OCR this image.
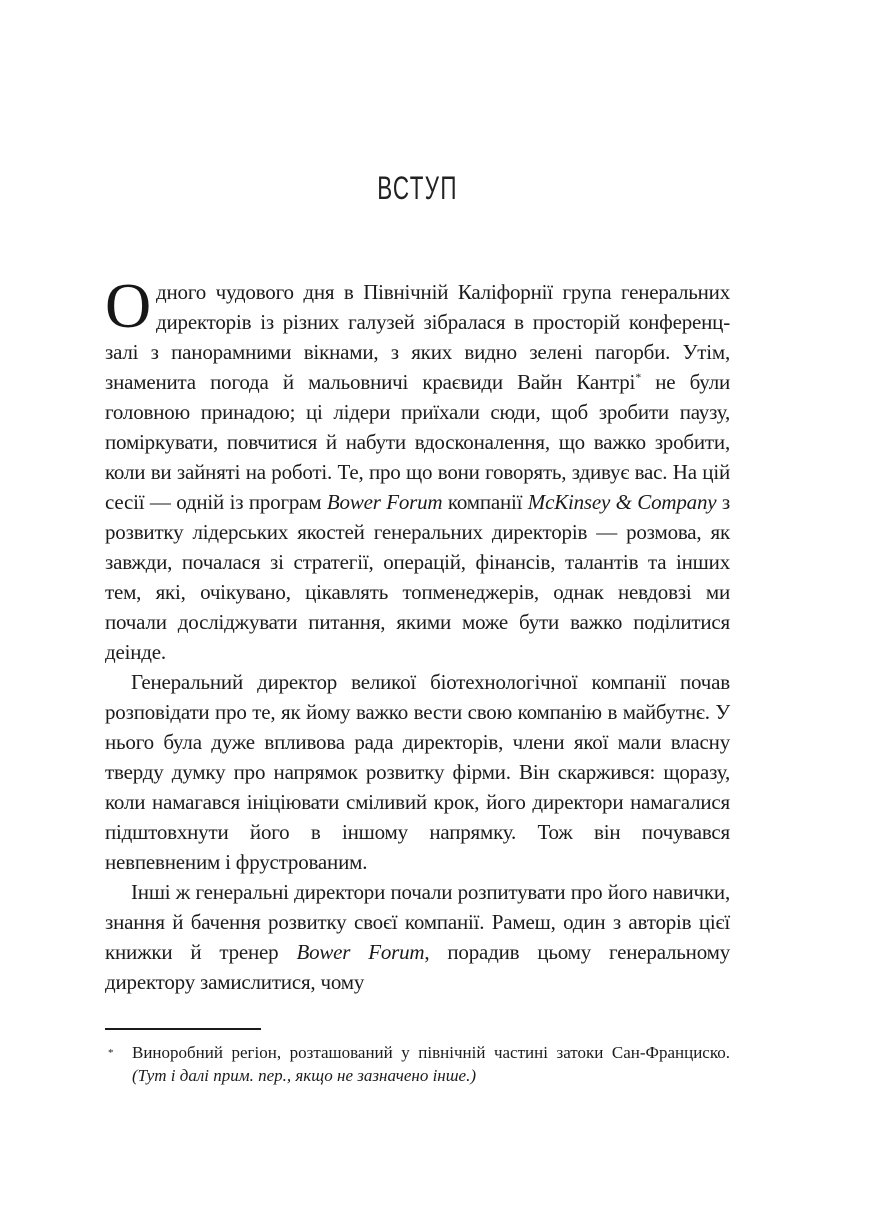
ВСТУП

Одного чудового дня в Північній Каліфорнії група генеральних директорів із різних галузей зібралася в просторій конференц-залі з панорамними вікнами, з яких видно зелені пагорби. Утім, знаменита погода й мальовничі краєвиди Вайн Кантрі* не були головною принадою; ці лідери приїхали сюди, щоб зробити паузу, поміркувати, повчитися й набути вдосконалення, що важко зробити, коли ви зайняті на роботі. Те, про що вони говорять, здивує вас. На цій сесії — одній із програм Bower Forum компанії McKinsey & Company з розвитку лідерських якостей генеральних директорів — розмова, як завжди, почалася зі стратегії, операцій, фінансів, талантів та інших тем, які, очікувано, цікавлять топменеджерів, однак невдовзі ми почали досліджувати питання, якими може бути важко поділитися деінде.

Генеральний директор великої біотехнологічної компанії почав розповідати про те, як йому важко вести свою компанію в майбутнє. У нього була дуже впливова рада директорів, члени якої мали власну тверду думку про напрямок розвитку фірми. Він скаржився: щоразу, коли намагався ініціювати сміливий крок, його директори намагалися підштовхнути його в іншому напрямку. Тож він почувався невпевненим і фрустрованим.

Інші ж генеральні директори почали розпитувати про його навички, знання й бачення розвитку своєї компанії. Рамеш, один з авторів цієї книжки й тренер Bower Forum, порадив цьому генеральному директору замислитися, чому

* Виноробний регіон, розташований у північній частині затоки Сан-Франциско. (Тут і далі прим. пер., якщо не зазначено інше.)
